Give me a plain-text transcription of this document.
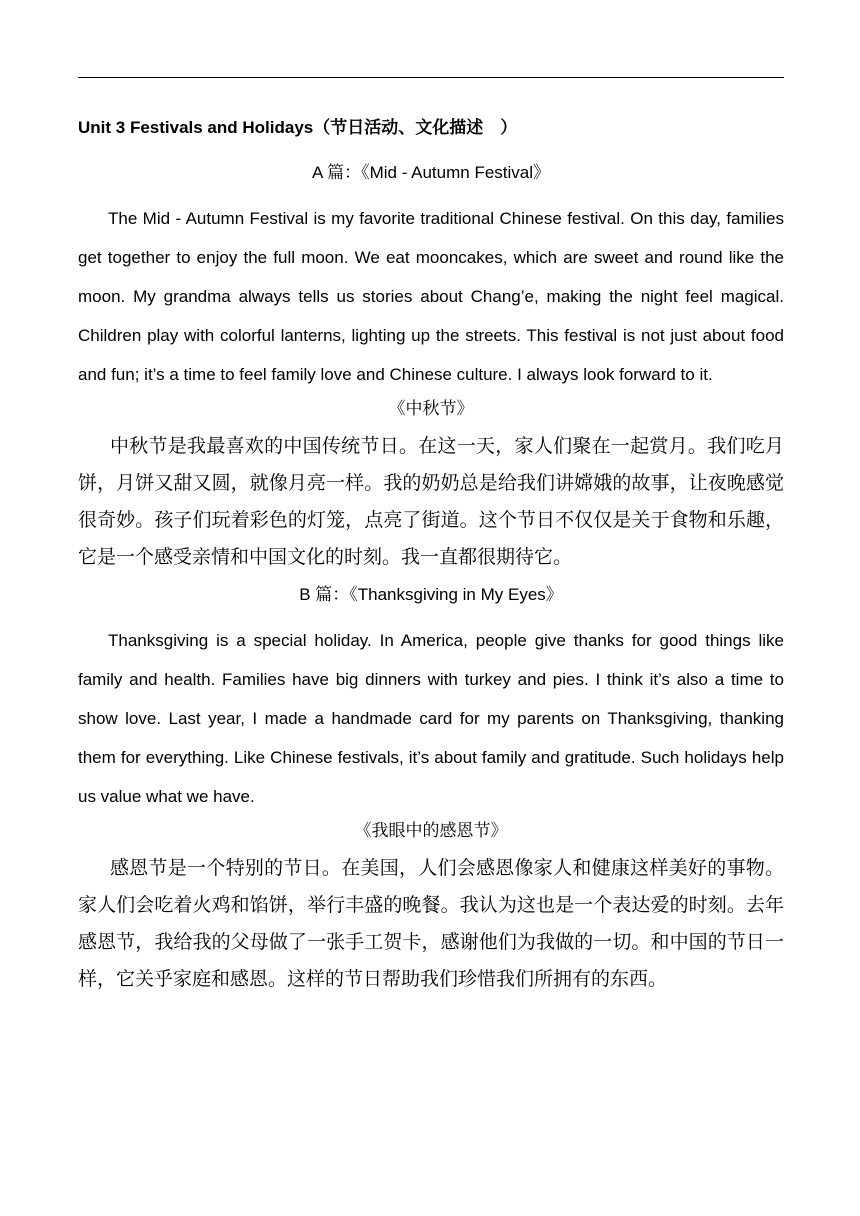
Unit 3 Festivals and Holidays（节日活动、文化描述　）
A 篇：《Mid - Autumn Festival》

The Mid - Autumn Festival is my favorite traditional Chinese festival. On this day, families get together to enjoy the full moon. We eat mooncakes, which are sweet and round like the moon. My grandma always tells us stories about Chang’e, making the night feel magical. Children play with colorful lanterns, lighting up the streets. This festival is not just about food and fun; it’s a time to feel family love and Chinese culture. I always look forward to it.

《中秋节》

中秋节是我最喜欢的中国传统节日。在这一天，家人们聚在一起赏月。我们吃月饼，月饼又甜又圆，就像月亮一样。我的奶奶总是给我们讲嫦娥的故事，让夜晚感觉很奇妙。孩子们玩着彩色的灯笼，点亮了街道。这个节日不仅仅是关于食物和乐趣，它是一个感受亲情和中国文化的时刻。我一直都很期待它。

B 篇：《Thanksgiving in My Eyes》

Thanksgiving is a special holiday. In America, people give thanks for good things like family and health. Families have big dinners with turkey and pies. I think it’s also a time to show love. Last year, I made a handmade card for my parents on Thanksgiving, thanking them for everything. Like Chinese festivals, it’s about family and gratitude. Such holidays help us value what we have.

《我眼中的感恩节》

感恩节是一个特别的节日。在美国，人们会感恩像家人和健康这样美好的事物。家人们会吃着火鸡和馅饼，举行丰盛的晚餐。我认为这也是一个表达爱的时刻。去年感恩节，我给我的父母做了一张手工贺卡，感谢他们为我做的一切。和中国的节日一样，它关乎家庭和感恩。这样的节日帮助我们珍惜我们所拥有的东西。
